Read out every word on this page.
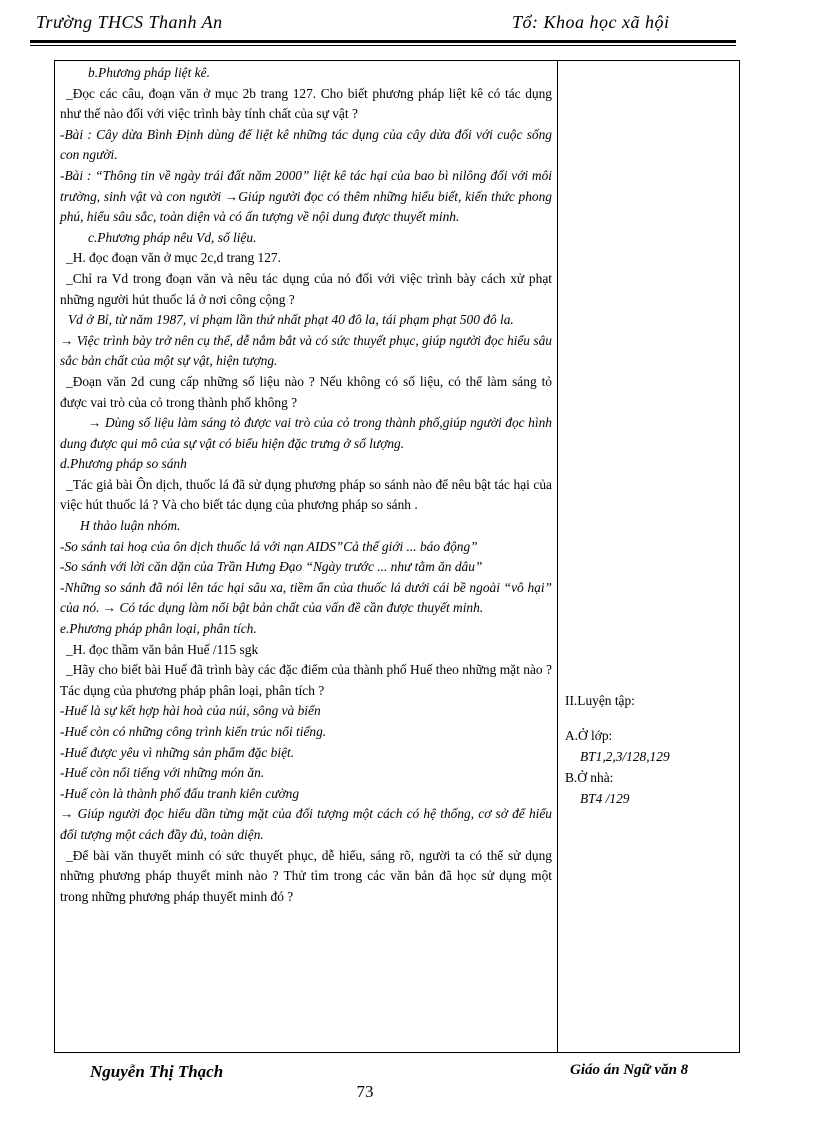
Trường THCS Thanh An	Tổ: Khoa học xã hội

b.Phương pháp liệt kê.

_Đọc các câu, đoạn văn ở mục 2b trang 127. Cho biết phương pháp liệt kê có tác dụng như thế nào đối với việc trình bày tính chất của sự vật ?

-Bài : Cây dừa Bình Định dùng để liệt kê những tác dụng của cây dừa đối với cuộc sống con người.

-Bài : “Thông tin về ngày trái đất năm 2000” liệt kê tác hại của bao bì nilông đối với môi trường, sinh vật và con người →Giúp người đọc có thêm những hiểu biết, kiến thức phong phú, hiểu sâu sắc, toàn diện và có ấn tượng về nội dung được thuyết minh.

c.Phương pháp nêu Vd, số liệu.

_H. đọc đoạn văn ở mục 2c,d trang 127.

_Chỉ ra Vd trong đoạn văn và nêu tác dụng của nó đối với việc trình bày cách xử phạt những người hút thuốc lá ở nơi công cộng ?

Vd ở Bỉ, từ năm 1987, vi phạm lần thứ nhất phạt 40 đô la, tái phạm phạt 500 đô la.

→ Việc trình bày trở nên cụ thể, dễ nắm bắt và có sức thuyết phục, giúp người đọc hiểu sâu sắc bản chất của một sự vật, hiện tượng.

_Đoạn văn 2d cung cấp những số liệu nào ? Nếu không có số liệu, có thể làm sáng tỏ được vai trò của cỏ trong thành phố không ?

→ Dùng số liệu làm sáng tỏ được vai trò của cỏ trong thành phố,giúp người đọc hình dung được qui mô của sự vật có biểu hiện đặc trưng ở số lượng.

d.Phương pháp so sánh

_Tác giả bài Ôn dịch, thuốc lá đã sử dụng phương pháp so sánh nào để nêu bật tác hại của việc hút thuốc lá ? Và cho biết tác dụng của phương pháp so sánh .

H thảo luận nhóm.

-So sánh tai hoạ của ôn dịch thuốc lá với nạn AIDS”Cả thế giới ... báo động”

-So sánh với lời căn dặn của Trần Hưng Đạo “Ngày trước ... như tằm ăn dâu”

-Những so sánh đã nói lên tác hại sâu xa, tiềm ẩn của thuốc lá dưới cái bề ngoài “vô hại” của nó. → Có tác dụng làm nổi bật bản chất của vấn đề cần được thuyết minh.

e.Phương pháp phân loại, phân tích.

_H. đọc thầm văn bản Huế /115 sgk

_Hãy cho biết bài Huế đã trình bày các đặc điểm của thành phố Huế theo những mặt nào ? Tác dụng của phương pháp phân loại, phân tích ?

-Huế là sự kết hợp hài hoà của núi, sông và biển

-Huế còn có những công trình kiến trúc nổi tiếng.

-Huế được yêu vì những sản phẩm đặc biệt.

-Huế còn nổi tiếng với những món ăn.

-Huế còn là thành phố đấu tranh kiên cường

→ Giúp người đọc hiểu dần từng mặt của đối tượng một cách có hệ thống, cơ sở để hiểu đối tượng một cách đầy đủ, toàn diện.

_Để bài văn thuyết minh có sức thuyết phục, dễ hiểu, sáng rõ, người ta có thể sử dụng những phương pháp thuyết minh nào ? Thử tìm trong các văn bản đã học sử dụng một trong những phương pháp thuyết minh đó ?

II.Luyện tập:

A.Ở lớp:

BT1,2,3/128,129

B.Ở nhà:

BT4 /129

Nguyễn Thị Thạch	Giáo án Ngữ văn 8
73
